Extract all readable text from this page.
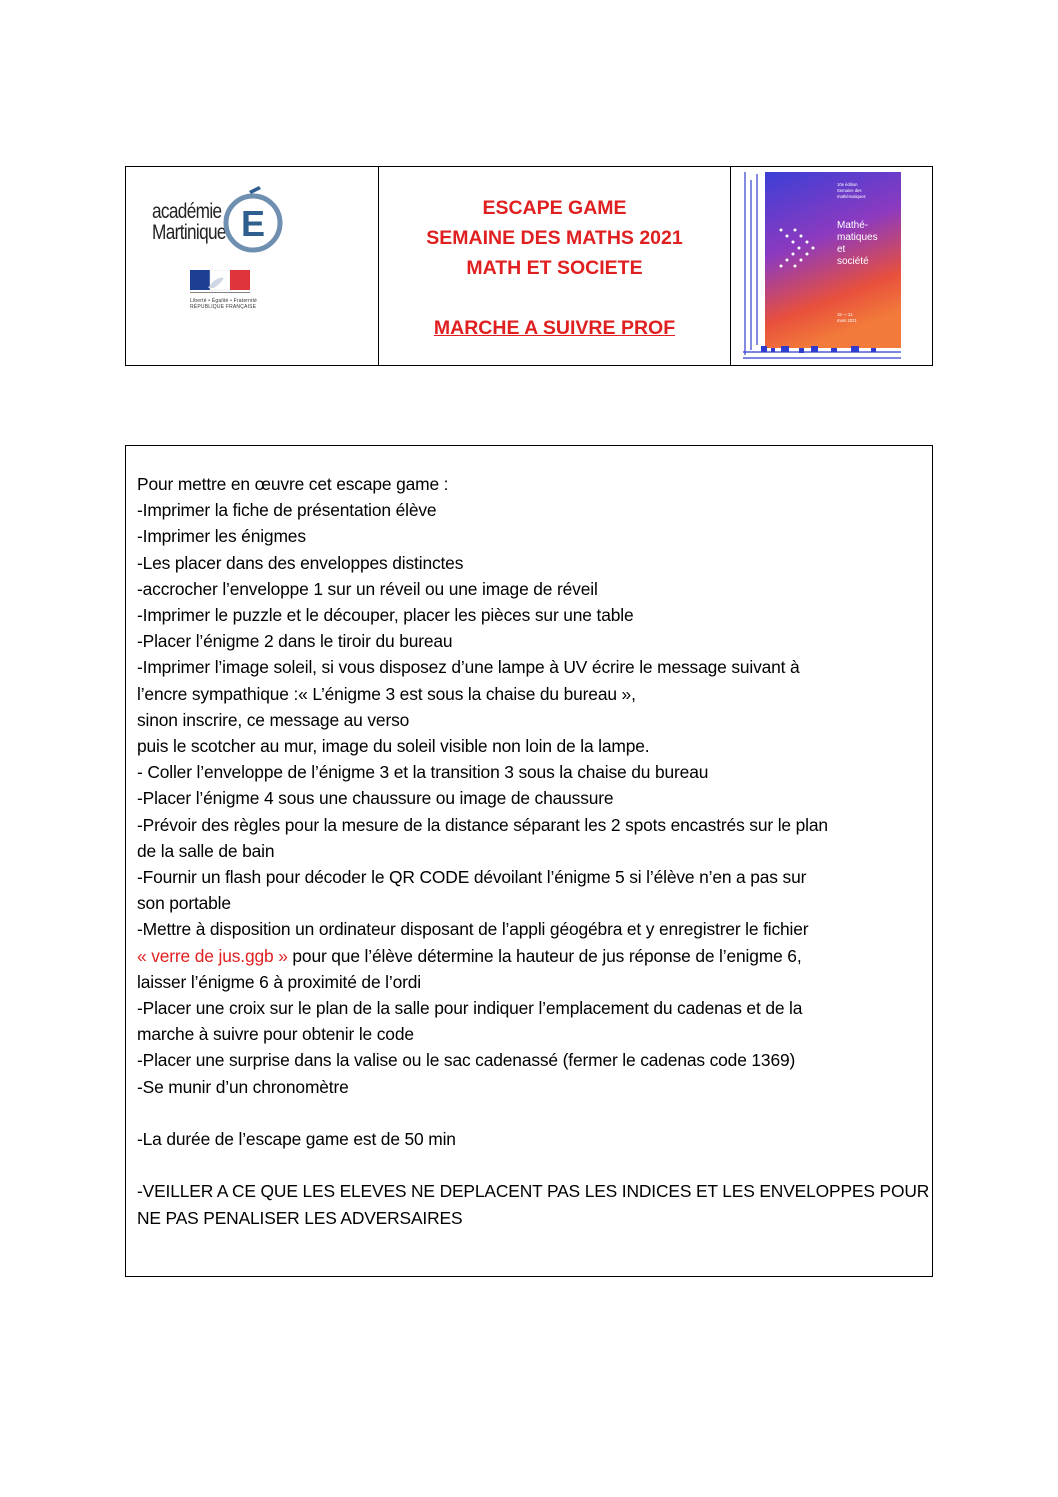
académie
Martinique E
Liberté • Égalité • Fraternité
RÉPUBLIQUE FRANÇAISE
ESCAPE GAME
SEMAINE DES MATHS 2021
MATH ET SOCIETE
MARCHE A SUIVRE PROF
10e édition
Semaine des
mathématiques
Mathé-
matiques
et
société
15 — 21
mars 2021

Pour mettre en œuvre cet escape game :

-Imprimer la fiche de présentation élève

-Imprimer les énigmes

-Les placer dans des enveloppes distinctes

-accrocher l’enveloppe 1 sur un réveil ou une image de réveil

-Imprimer le puzzle et le découper, placer les pièces sur une table

-Placer l’énigme 2 dans le tiroir du bureau

-Imprimer l’image soleil, si vous disposez d’une lampe à UV écrire le message suivant à

l’encre sympathique :« L’énigme 3 est sous la chaise du bureau »,

sinon inscrire, ce message au verso

puis le scotcher au mur, image du soleil visible non loin de la lampe.

- Coller l’enveloppe de l’énigme 3 et la transition 3 sous la chaise du bureau

-Placer l’énigme 4 sous une chaussure ou image de chaussure

-Prévoir des règles pour la mesure de la distance séparant les 2 spots encastrés sur le plan

de la salle de bain

-Fournir un flash pour décoder le QR CODE dévoilant l’énigme 5 si l’élève n’en a pas sur

son portable

-Mettre à disposition un ordinateur disposant de l’appli géogébra et y enregistrer le fichier

« verre de jus.ggb » pour que l’élève détermine la hauteur de jus réponse de l’enigme 6,

laisser l’énigme 6 à proximité de l’ordi

-Placer une croix sur le plan de la salle pour indiquer l’emplacement du cadenas et de la

marche à suivre pour obtenir le code

-Placer une surprise dans la valise ou le sac cadenassé (fermer le cadenas code 1369)

-Se munir d’un chronomètre

-La durée de l’escape game est de 50 min

-VEILLER A CE QUE LES ELEVES NE DEPLACENT PAS LES INDICES ET LES ENVELOPPES POUR

NE PAS PENALISER LES ADVERSAIRES
